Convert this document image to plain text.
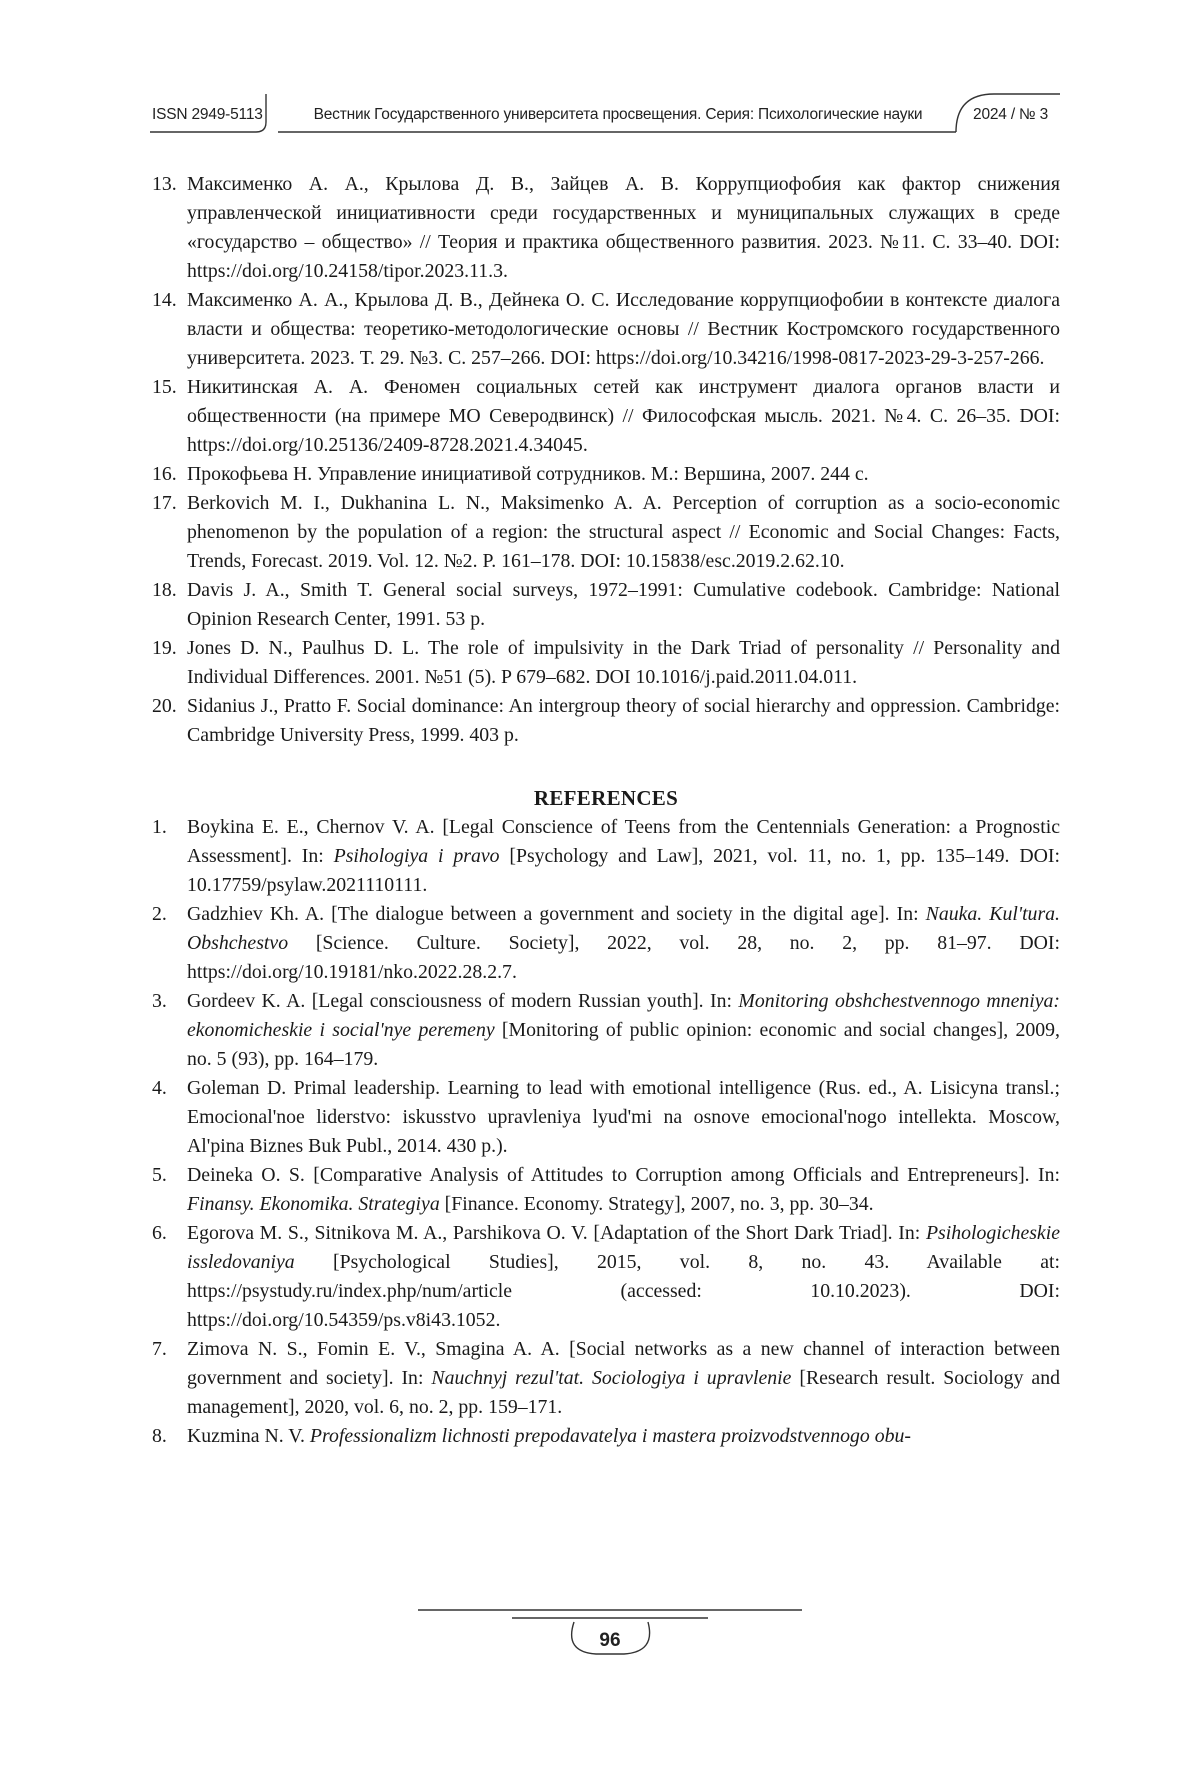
ISSN 2949-5113	Вестник Государственного университета просвещения. Серия: Психологические науки	2024 / № 3
13. Максименко А. А., Крылова Д. В., Зайцев А. В. Коррупциофобия как фактор снижения управленческой инициативности среди государственных и муниципальных служащих в среде «государство – общество» // Теория и практика общественного развития. 2023. №11. С. 33–40. DOI: https://doi.org/10.24158/tipor.2023.11.3.
14. Максименко А. А., Крылова Д. В., Дейнека О. С. Исследование коррупциофобии в контексте диалога власти и общества: теоретико-методологические основы // Вестник Костромского государственного университета. 2023. Т. 29. №3. С. 257–266. DOI: https://doi.org/10.34216/1998-0817-2023-29-3-257-266.
15. Никитинская А. А. Феномен социальных сетей как инструмент диалога органов власти и общественности (на примере МО Северодвинск) // Философская мысль. 2021. №4. С. 26–35. DOI: https://doi.org/10.25136/2409-8728.2021.4.34045.
16. Прокофьева Н. Управление инициативой сотрудников. М.: Вершина, 2007. 244 с.
17. Berkovich M. I., Dukhanina L. N., Maksimenko A. A. Perception of corruption as a socio-economic phenomenon by the population of a region: the structural aspect // Economic and Social Changes: Facts, Trends, Forecast. 2019. Vol. 12. №2. P. 161–178. DOI: 10.15838/esc.2019.2.62.10.
18. Davis J. A., Smith T. General social surveys, 1972–1991: Cumulative codebook. Cambridge: National Opinion Research Center, 1991. 53 p.
19. Jones D. N., Paulhus D. L. The role of impulsivity in the Dark Triad of personality // Personality and Individual Differences. 2001. №51 (5). P 679–682. DOI 10.1016/j.paid.2011.04.011.
20. Sidanius J., Pratto F. Social dominance: An intergroup theory of social hierarchy and oppression. Cambridge: Cambridge University Press, 1999. 403 p.
REFERENCES
1. Boykina E. E., Chernov V. A. [Legal Conscience of Teens from the Centennials Generation: a Prognostic Assessment]. In: Psihologiya i pravo [Psychology and Law], 2021, vol. 11, no. 1, pp. 135–149. DOI: 10.17759/psylaw.2021110111.
2. Gadzhiev Kh. A. [The dialogue between a government and society in the digital age]. In: Nauka. Kul'tura. Obshchestvo [Science. Culture. Society], 2022, vol. 28, no. 2, pp. 81–97. DOI: https://doi.org/10.19181/nko.2022.28.2.7.
3. Gordeev K. A. [Legal consciousness of modern Russian youth]. In: Monitoring obshchestvennogo mneniya: ekonomicheskie i social'nye peremeny [Monitoring of public opinion: economic and social changes], 2009, no. 5 (93), pp. 164–179.
4. Goleman D. Primal leadership. Learning to lead with emotional intelligence (Rus. ed., A. Lisicyna transl.; Emocional'noe liderstvo: iskusstvo upravleniya lyud'mi na osnove emocional'nogo intellekta. Moscow, Al'pina Biznes Buk Publ., 2014. 430 p.).
5. Deineka O. S. [Comparative Analysis of Attitudes to Corruption among Officials and Entrepreneurs]. In: Finansy. Ekonomika. Strategiya [Finance. Economy. Strategy], 2007, no. 3, pp. 30–34.
6. Egorova M. S., Sitnikova M. A., Parshikova O. V. [Adaptation of the Short Dark Triad]. In: Psihologicheskie issledovaniya [Psychological Studies], 2015, vol. 8, no. 43. Available at: https://psystudy.ru/index.php/num/article (accessed: 10.10.2023). DOI: https://doi.org/10.54359/ps.v8i43.1052.
7. Zimova N. S., Fomin E. V., Smagina A. A. [Social networks as a new channel of interaction between government and society]. In: Nauchnyj rezul'tat. Sociologiya i upravlenie [Research result. Sociology and management], 2020, vol. 6, no. 2, pp. 159–171.
8. Kuzmina N. V. Professionalizm lichnosti prepodavatelya i mastera proizvodstvennogo obu-
96
